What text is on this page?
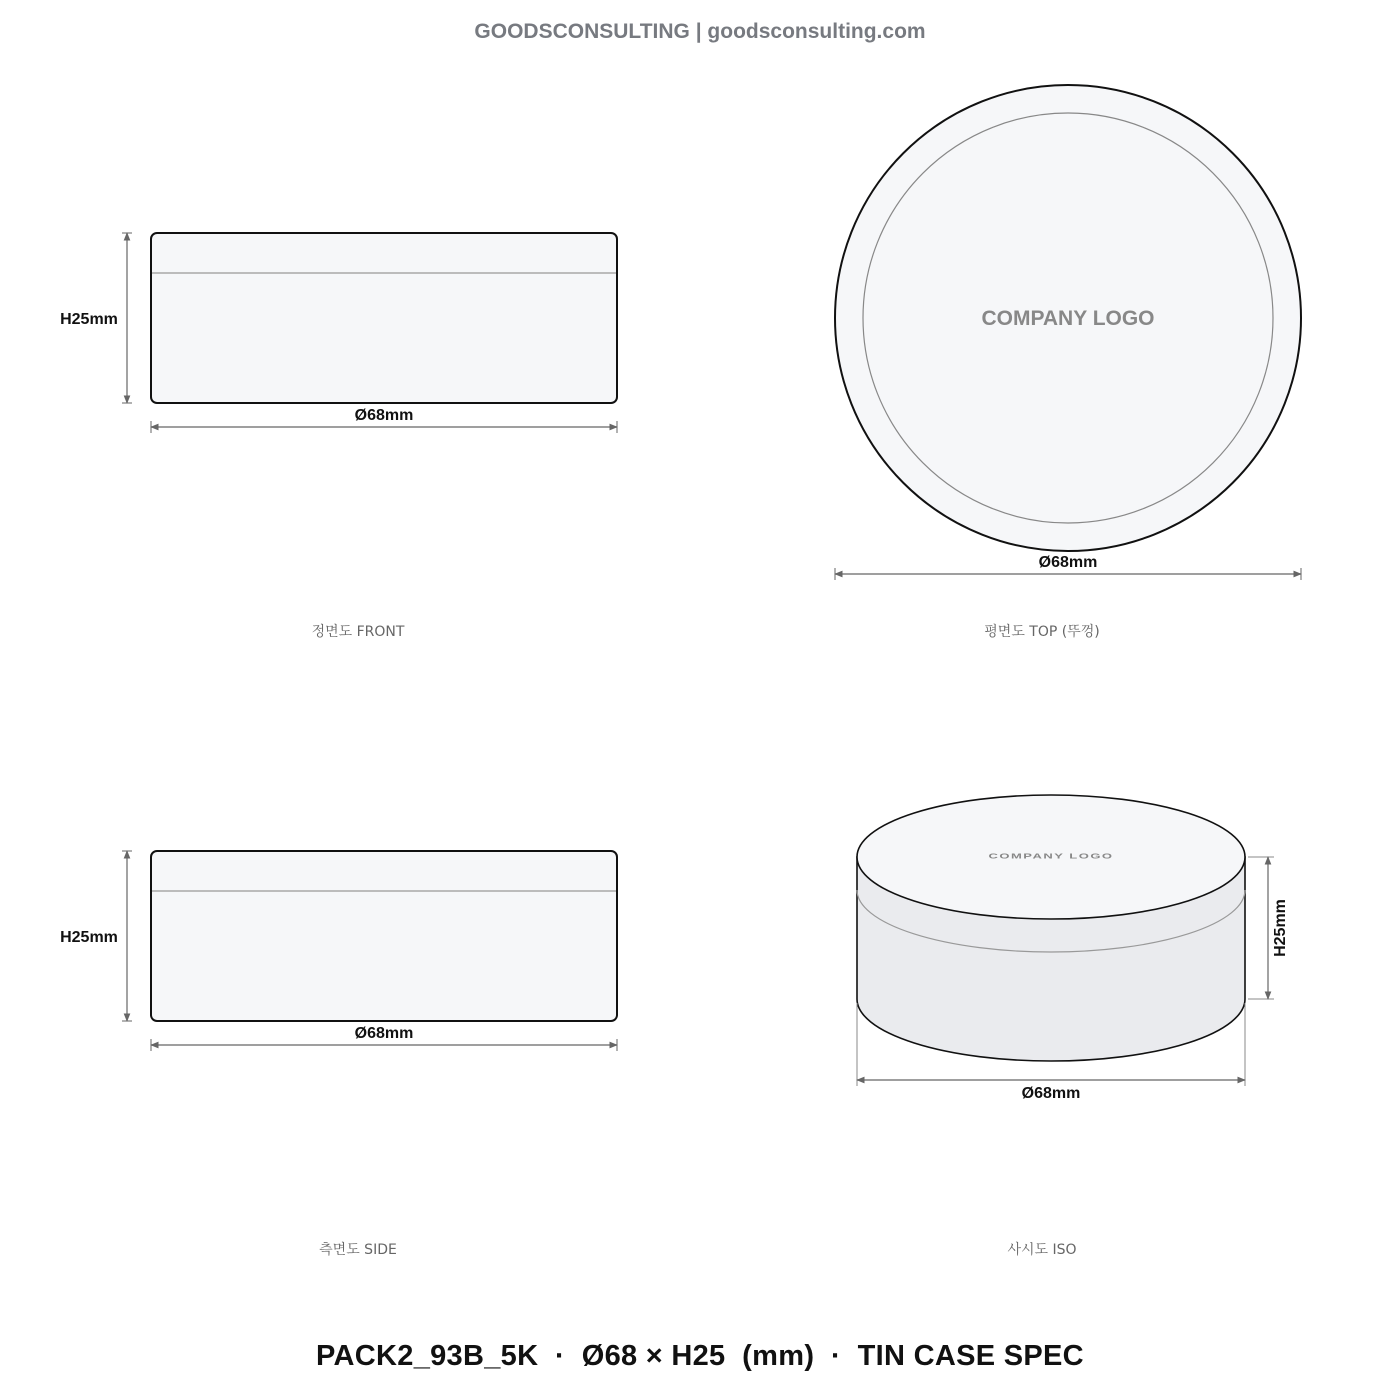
GOODSCONSULTING | goodsconsulting.com
H25mm
Ø68mm
정면도 FRONT
COMPANY LOGO
Ø68mm
평면도 TOP (뚜껑)
H25mm
Ø68mm
측면도 SIDE
COMPANY LOGO
H25mm
Ø68mm
사시도 ISO
PACK2_93B_5K  ·  Ø68 × H25  (mm)  ·  TIN CASE SPEC
